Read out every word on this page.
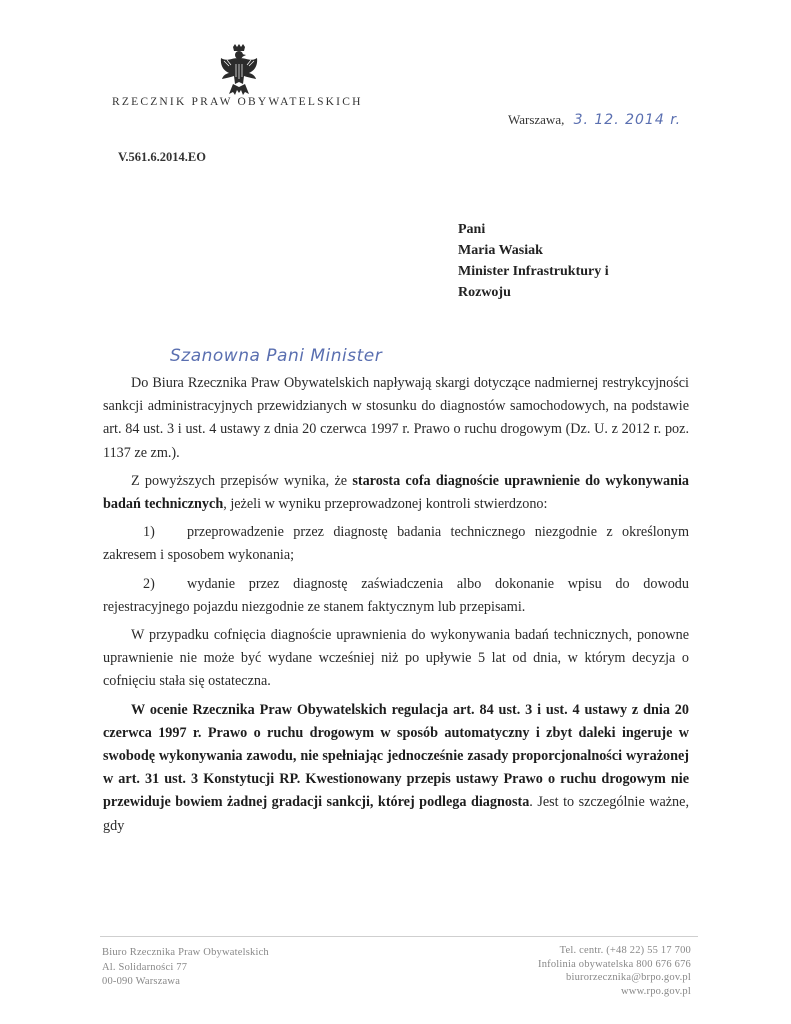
RZECZNIK PRAW OBYWATELSKICH
Warszawa, 3. 12. 2014 r.
V.561.6.2014.EO
Pani
Maria Wasiak
Minister Infrastruktury i
Rozwoju
Szanowna Pani Minister

Do Biura Rzecznika Praw Obywatelskich napływają skargi dotyczące nadmiernej restrykcyjności sankcji administracyjnych przewidzianych w stosunku do diagnostów samochodowych, na podstawie art. 84 ust. 3 i ust. 4 ustawy z dnia 20 czerwca 1997 r. Prawo o ruchu drogowym (Dz. U. z 2012 r. poz. 1137 ze zm.).

Z powyższych przepisów wynika, że starosta cofa diagnoście uprawnienie do wykonywania badań technicznych, jeżeli w wyniku przeprowadzonej kontroli stwierdzono:

1) przeprowadzenie przez diagnostę badania technicznego niezgodnie z określonym zakresem i sposobem wykonania;

2) wydanie przez diagnostę zaświadczenia albo dokonanie wpisu do dowodu rejestracyjnego pojazdu niezgodnie ze stanem faktycznym lub przepisami.

W przypadku cofnięcia diagnoście uprawnienia do wykonywania badań technicznych, ponowne uprawnienie nie może być wydane wcześniej niż po upływie 5 lat od dnia, w którym decyzja o cofnięciu stała się ostateczna.

W ocenie Rzecznika Praw Obywatelskich regulacja art. 84 ust. 3 i ust. 4 ustawy z dnia 20 czerwca 1997 r. Prawo o ruchu drogowym w sposób automatyczny i zbyt daleki ingeruje w swobodę wykonywania zawodu, nie spełniając jednocześnie zasady proporcjonalności wyrażonej w art. 31 ust. 3 Konstytucji RP. Kwestionowany przepis ustawy Prawo o ruchu drogowym nie przewiduje bowiem żadnej gradacji sankcji, której podlega diagnosta. Jest to szczególnie ważne, gdy

Biuro Rzecznika Praw Obywatelskich
Al. Solidarności 77
00-090 Warszawa
Tel. centr. (+48 22) 55 17 700
Infolinia obywatelska 800 676 676
biurorzecznika@brpo.gov.pl
www.rpo.gov.pl
